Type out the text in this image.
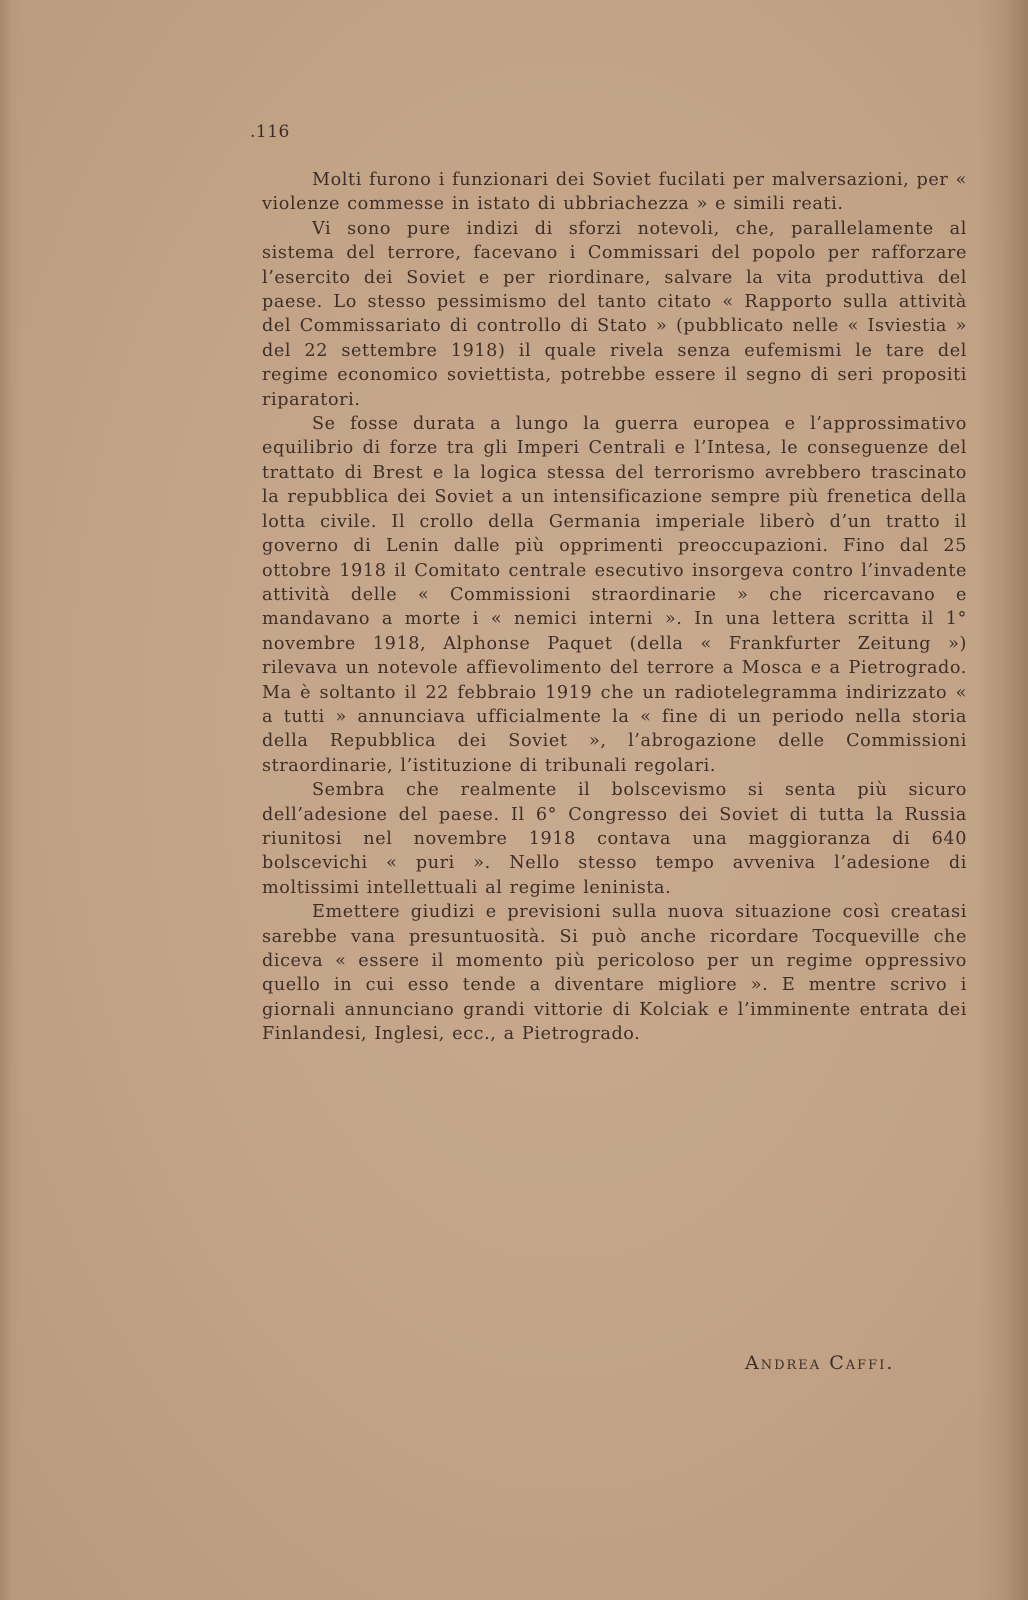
.116

Molti furono i funzionari dei Soviet fucilati per malversazioni, per « violenze commesse in istato di ubbriachezza » e simili reati.

Vi sono pure indizi di sforzi notevoli, che, parallelamente al sistema del terrore, facevano i Commissari del popolo per rafforzare l’esercito dei Soviet e per riordinare, salvare la vita produttiva del paese. Lo stesso pessimismo del tanto citato « Rapporto sulla attività del Commissariato di controllo di Stato » (pubblicato nelle « Isviestia » del 22 settembre 1918) il quale rivela senza eufemismi le tare del regime economico soviettista, potrebbe essere il segno di seri propositi riparatori.

Se fosse durata a lungo la guerra europea e l’approssimativo equilibrio di forze tra gli Imperi Centrali e l’Intesa, le conseguenze del trattato di Brest e la logica stessa del terrorismo avrebbero trascinato la repubblica dei Soviet a un intensificazione sempre più frenetica della lotta civile. Il crollo della Germania imperiale liberò d’un tratto il governo di Lenin dalle più opprimenti preoccupazioni. Fino dal 25 ottobre 1918 il Comitato centrale esecutivo insorgeva contro l’invadente attività delle « Commissioni straordinarie » che ricercavano e mandavano a morte i « nemici interni ». In una lettera scritta il 1° novembre 1918, Alphonse Paquet (della « Frankfurter Zeitung ») rilevava un notevole affievolimento del terrore a Mosca e a Pietrogrado. Ma è soltanto il 22 febbraio 1919 che un radiotelegramma indirizzato « a tutti » annunciava ufficialmente la « fine di un periodo nella storia della Repubblica dei Soviet », l’abrogazione delle Commissioni straordinarie, l’istituzione di tribunali regolari.

Sembra che realmente il bolscevismo si senta più sicuro dell’adesione del paese. Il 6° Congresso dei Soviet di tutta la Russia riunitosi nel novembre 1918 contava una maggioranza di 640 bolscevichi « puri ». Nello stesso tempo avveniva l’adesione di moltissimi intellettuali al regime leninista.

Emettere giudizi e previsioni sulla nuova situazione così creatasi sarebbe vana presuntuosità. Si può anche ricordare Tocqueville che diceva « essere il momento più pericoloso per un regime oppressivo quello in cui esso tende a diventare migliore ». E mentre scrivo i giornali annunciano grandi vittorie di Kolciak e l’imminente entrata dei Finlandesi, Inglesi, ecc., a Pietrogrado.

Andrea Caffi.
